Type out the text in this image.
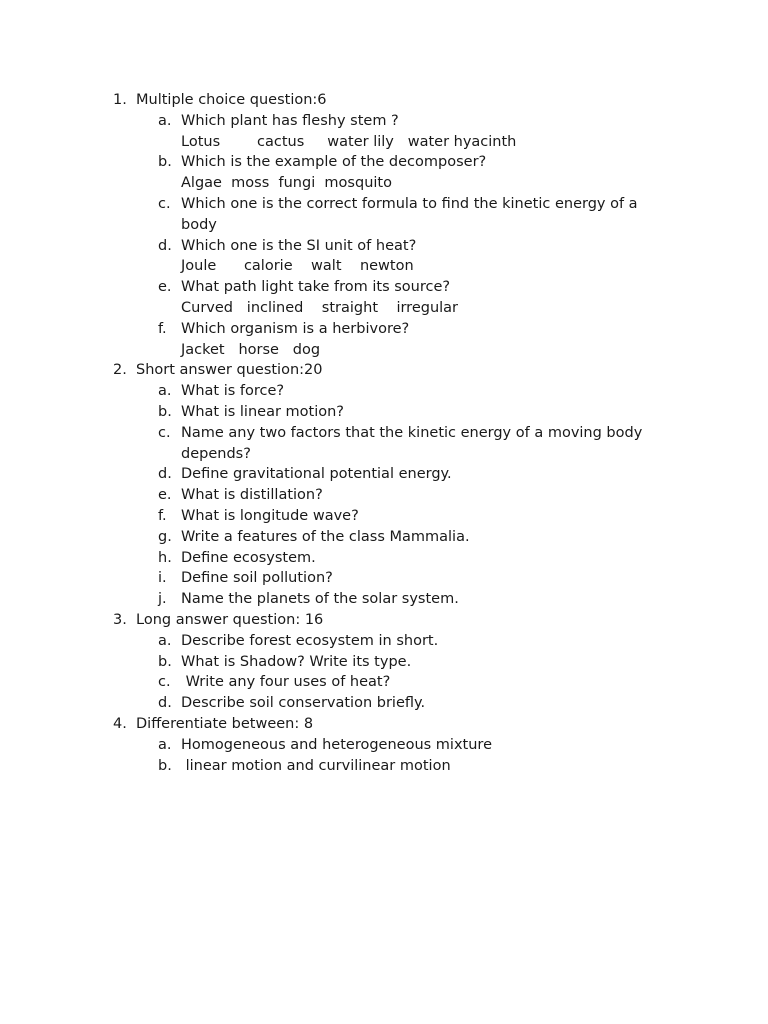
1. Multiple choice question:6
a. Which plant has fleshy stem ?
Lotus        cactus     water lily   water hyacinth
b. Which is the example of the decomposer?
Algae  moss  fungi  mosquito
c. Which one is the correct formula to find the kinetic energy of a
body
d. Which one is the SI unit of heat?
Joule      calorie    walt    newton
e. What path light take from its source?
Curved   inclined    straight    irregular
f. Which organism is a herbivore?
Jacket   horse   dog
2. Short answer question:20
a. What is force?
b. What is linear motion?
c. Name any two factors that the kinetic energy of a moving body
depends?
d. Define gravitational potential energy.
e. What is distillation?
f. What is longitude wave?
g. Write a features of the class Mammalia.
h. Define ecosystem.
i. Define soil pollution?
j. Name the planets of the solar system.
3. Long answer question: 16
a. Describe forest ecosystem in short.
b. What is Shadow? Write its type.
c. Write any four uses of heat?
d. Describe soil conservation briefly.
4. Differentiate between: 8
a. Homogeneous and heterogeneous mixture
b. linear motion and curvilinear motion
